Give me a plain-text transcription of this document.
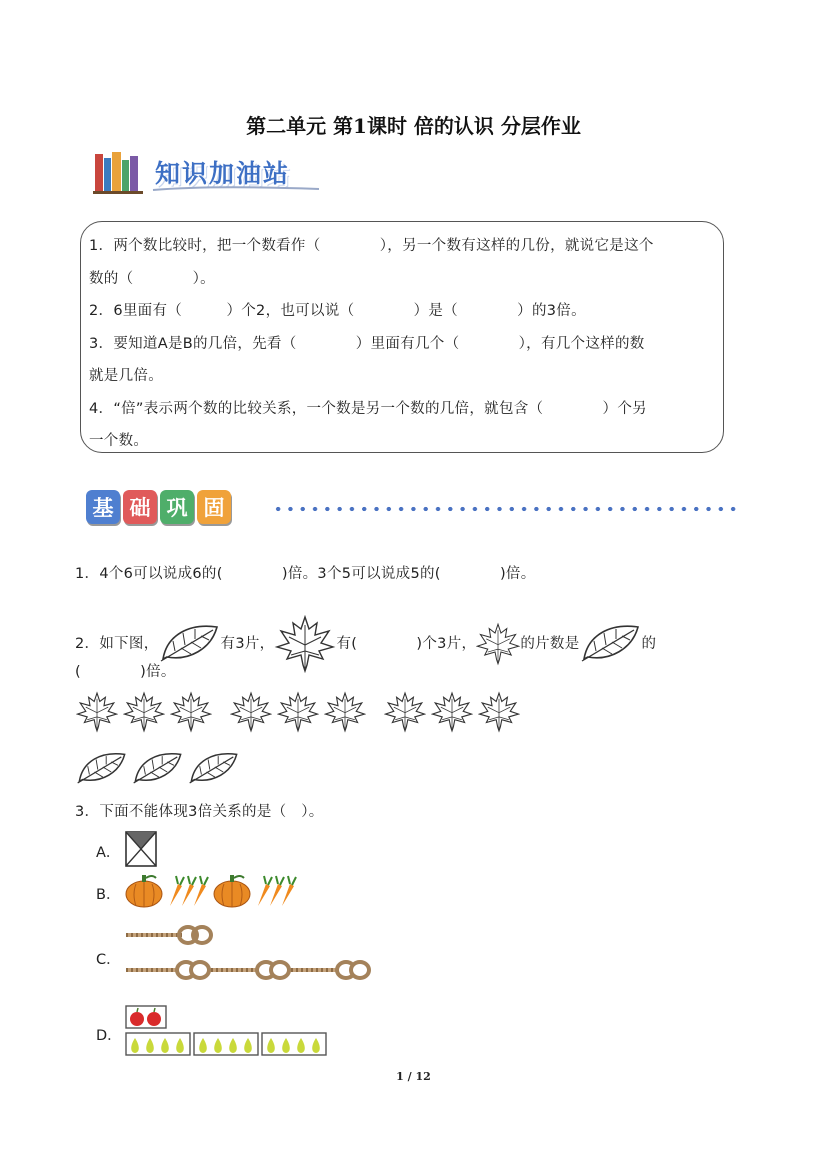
第二单元 第1课时 倍的认识 分层作业
知识加油站
1．两个数比较时，把一个数看作（　　　　），另一个数有这样的几份，就说它是这个
数的（　　　　）。
2．6里面有（　　　）个2，也可以说（　　　　）是（　　　　）的3倍。
3．要知道A是B的几倍，先看（　　　　）里面有几个（　　　　），有几个这样的数
就是几倍。
4．“倍”表示两个数的比较关系，一个数是另一个数的几倍，就包含（　　　　）个另
一个数。
基 础 巩 固
1．4个6可以说成6的(　　　　)倍。3个5可以说成5的(　　　　)倍。
2．如下图，	有3片，	有(　　　　)个3片，	的片数是	的
(　　　　)倍。
3．下面不能体现3倍关系的是（　）。
A．
B．
C．
D．
1 / 12
